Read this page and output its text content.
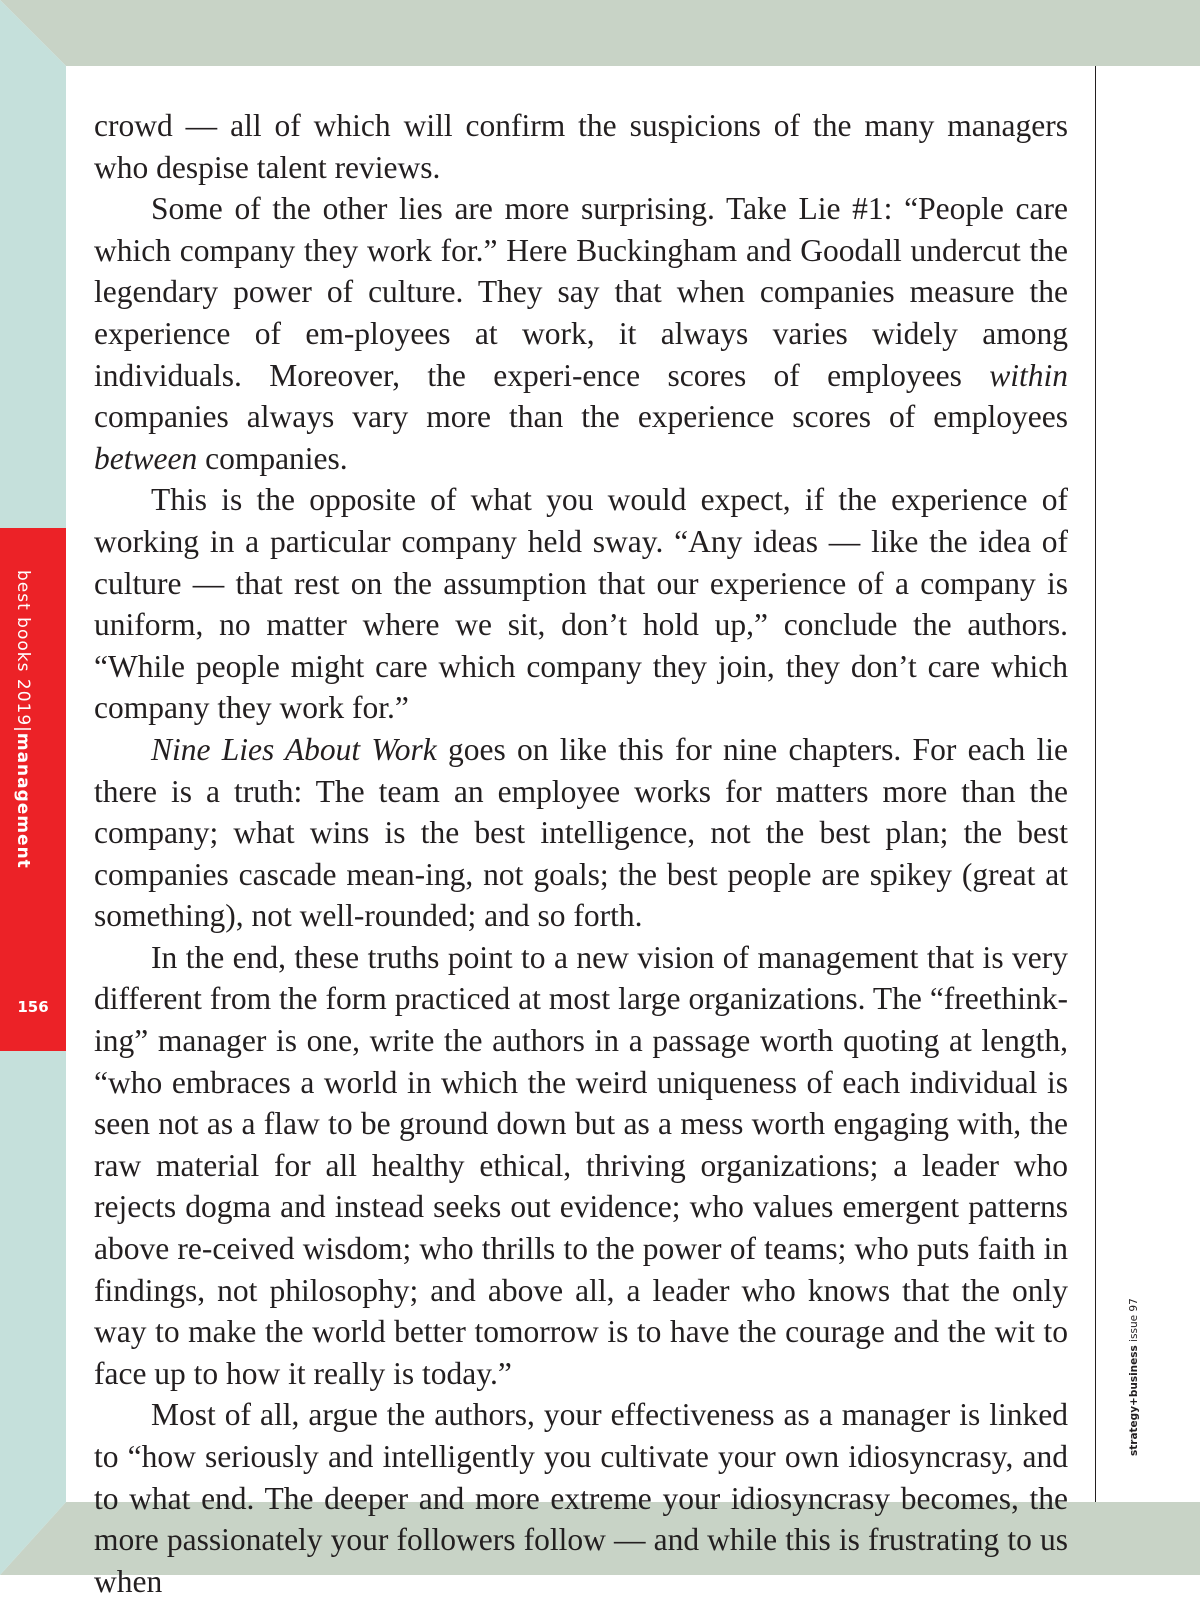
best books 2019|management
156
strategy+business issue 97

crowd — all of which will confirm the suspicions of the many managers who despise talent reviews.

Some of the other lies are more surprising. Take Lie #1: “People care which company they work for.” Here Buckingham and Goodall undercut the legendary power of culture. They say that when companies measure the experience of em-ployees at work, it always varies widely among individuals. Moreover, the experi-ence scores of employees within companies always vary more than the experience scores of employees between companies.

This is the opposite of what you would expect, if the experience of working in a particular company held sway. “Any ideas — like the idea of culture — that rest on the assumption that our experience of a company is uniform, no matter where we sit, don’t hold up,” conclude the authors. “While people might care which company they join, they don’t care which company they work for.”

Nine Lies About Work goes on like this for nine chapters. For each lie there is a truth: The team an employee works for matters more than the company; what wins is the best intelligence, not the best plan; the best companies cascade mean-ing, not goals; the best people are spikey (great at something), not well-rounded; and so forth.

In the end, these truths point to a new vision of management that is very different from the form practiced at most large organizations. The “freethink-ing” manager is one, write the authors in a passage worth quoting at length, “who embraces a world in which the weird uniqueness of each individual is seen not as a flaw to be ground down but as a mess worth engaging with, the raw material for all healthy ethical, thriving organizations; a leader who rejects dogma and instead seeks out evidence; who values emergent patterns above re-ceived wisdom; who thrills to the power of teams; who puts faith in findings, not philosophy; and above all, a leader who knows that the only way to make the world better tomorrow is to have the courage and the wit to face up to how it really is today.”

Most of all, argue the authors, your effectiveness as a manager is linked to “how seriously and intelligently you cultivate your own idiosyncrasy, and to what end. The deeper and more extreme your idiosyncrasy becomes, the more passionately your followers follow — and while this is frustrating to us when
